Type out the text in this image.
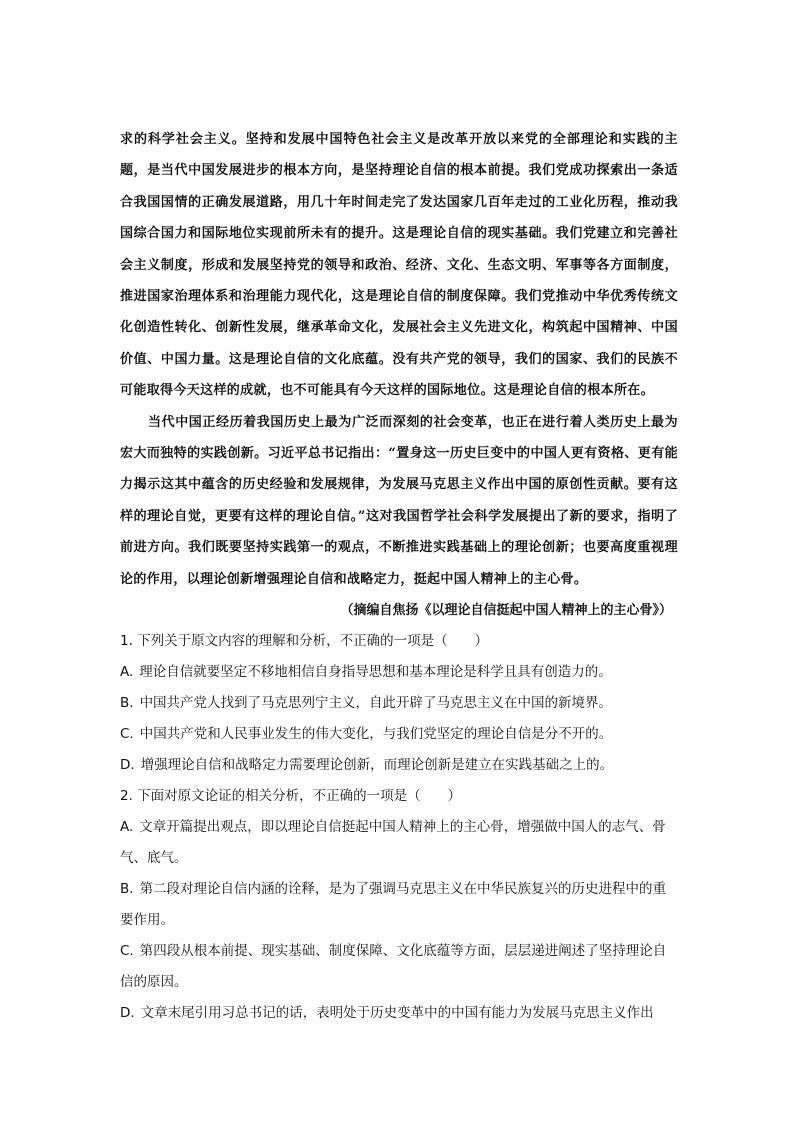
求的科学社会主义。坚持和发展中国特色社会主义是改革开放以来党的全部理论和实践的主题，是当代中国发展进步的根本方向，是坚持理论自信的根本前提。我们党成功探索出一条适合我国国情的正确发展道路，用几十年时间走完了发达国家几百年走过的工业化历程，推动我国综合国力和国际地位实现前所未有的提升。这是理论自信的现实基础。我们党建立和完善社会主义制度，形成和发展坚持党的领导和政治、经济、文化、生态文明、军事等各方面制度，推进国家治理体系和治理能力现代化，这是理论自信的制度保障。我们党推动中华优秀传统文化创造性转化、创新性发展，继承革命文化，发展社会主义先进文化，构筑起中国精神、中国价值、中国力量。这是理论自信的文化底蕴。没有共产党的领导，我们的国家、我们的民族不可能取得今天这样的成就，也不可能具有今天这样的国际地位。这是理论自信的根本所在。

当代中国正经历着我国历史上最为广泛而深刻的社会变革，也正在进行着人类历史上最为宏大而独特的实践创新。习近平总书记指出：“置身这一历史巨变中的中国人更有资格、更有能力揭示这其中蕴含的历史经验和发展规律，为发展马克思主义作出中国的原创性贡献。要有这样的理论自觉，更要有这样的理论自信。”这对我国哲学社会科学发展提出了新的要求，指明了前进方向。我们既要坚持实践第一的观点，不断推进实践基础上的理论创新；也要高度重视理论的作用，以理论创新增强理论自信和战略定力，挺起中国人精神上的主心骨。

（摘编自焦扬《以理论自信挺起中国人精神上的主心骨》）

1. 下列关于原文内容的理解和分析，不正确的一项是（　　）

A. 理论自信就要坚定不移地相信自身指导思想和基本理论是科学且具有创造力的。

B. 中国共产党人找到了马克思列宁主义，自此开辟了马克思主义在中国的新境界。

C. 中国共产党和人民事业发生的伟大变化，与我们党坚定的理论自信是分不开的。

D. 增强理论自信和战略定力需要理论创新，而理论创新是建立在实践基础之上的。

2. 下面对原文论证的相关分析，不正确的一项是（　　）

A. 文章开篇提出观点，即以理论自信挺起中国人精神上的主心骨，增强做中国人的志气、骨气、底气。

B. 第二段对理论自信内涵的诠释，是为了强调马克思主义在中华民族复兴的历史进程中的重要作用。

C. 第四段从根本前提、现实基础、制度保障、文化底蕴等方面，层层递进阐述了坚持理论自信的原因。

D. 文章末尾引用习总书记的话，表明处于历史变革中的中国有能力为发展马克思主义作出
